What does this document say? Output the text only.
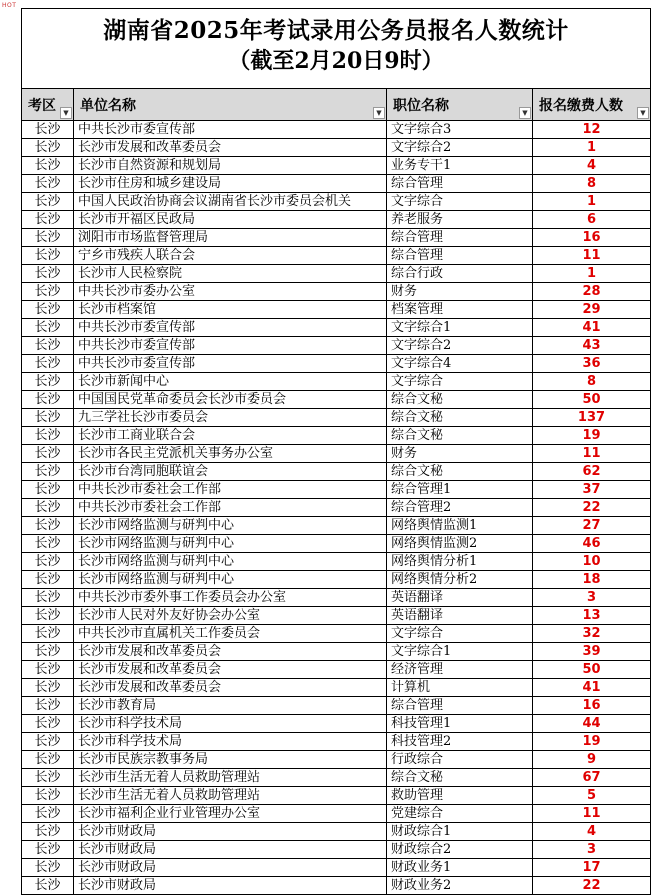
HOT
湖南省2025年考试录用公务员报名人数统计
（截至2月20日9时）
考区 ▼	单位名称 ▼	职位名称 ▼	报名缴费人数 ▼

长沙	中共长沙市委宣传部	文字综合3	12
长沙	长沙市发展和改革委员会	文字综合2	1
长沙	长沙市自然资源和规划局	业务专干1	4
长沙	长沙市住房和城乡建设局	综合管理	8
长沙	中国人民政治协商会议湖南省长沙市委员会机关	文字综合	1
长沙	长沙市开福区民政局	养老服务	6
长沙	浏阳市市场监督管理局	综合管理	16
长沙	宁乡市残疾人联合会	综合管理	11
长沙	长沙市人民检察院	综合行政	1
长沙	中共长沙市委办公室	财务	28
长沙	长沙市档案馆	档案管理	29
长沙	中共长沙市委宣传部	文字综合1	41
长沙	中共长沙市委宣传部	文字综合2	43
长沙	中共长沙市委宣传部	文字综合4	36
长沙	长沙市新闻中心	文字综合	8
长沙	中国国民党革命委员会长沙市委员会	综合文秘	50
长沙	九三学社长沙市委员会	综合文秘	137
长沙	长沙市工商业联合会	综合文秘	19
长沙	长沙市各民主党派机关事务办公室	财务	11
长沙	长沙市台湾同胞联谊会	综合文秘	62
长沙	中共长沙市委社会工作部	综合管理1	37
长沙	中共长沙市委社会工作部	综合管理2	22
长沙	长沙市网络监测与研判中心	网络舆情监测1	27
长沙	长沙市网络监测与研判中心	网络舆情监测2	46
长沙	长沙市网络监测与研判中心	网络舆情分析1	10
长沙	长沙市网络监测与研判中心	网络舆情分析2	18
长沙	中共长沙市委外事工作委员会办公室	英语翻译	3
长沙	长沙市人民对外友好协会办公室	英语翻译	13
长沙	中共长沙市直属机关工作委员会	文字综合	32
长沙	长沙市发展和改革委员会	文字综合1	39
长沙	长沙市发展和改革委员会	经济管理	50
长沙	长沙市发展和改革委员会	计算机	41
长沙	长沙市教育局	综合管理	16
长沙	长沙市科学技术局	科技管理1	44
长沙	长沙市科学技术局	科技管理2	19
长沙	长沙市民族宗教事务局	行政综合	9
长沙	长沙市生活无着人员救助管理站	综合文秘	67
长沙	长沙市生活无着人员救助管理站	救助管理	5
长沙	长沙市福利企业行业管理办公室	党建综合	11
长沙	长沙市财政局	财政综合1	4
长沙	长沙市财政局	财政综合2	3
长沙	长沙市财政局	财政业务1	17
长沙	长沙市财政局	财政业务2	22
